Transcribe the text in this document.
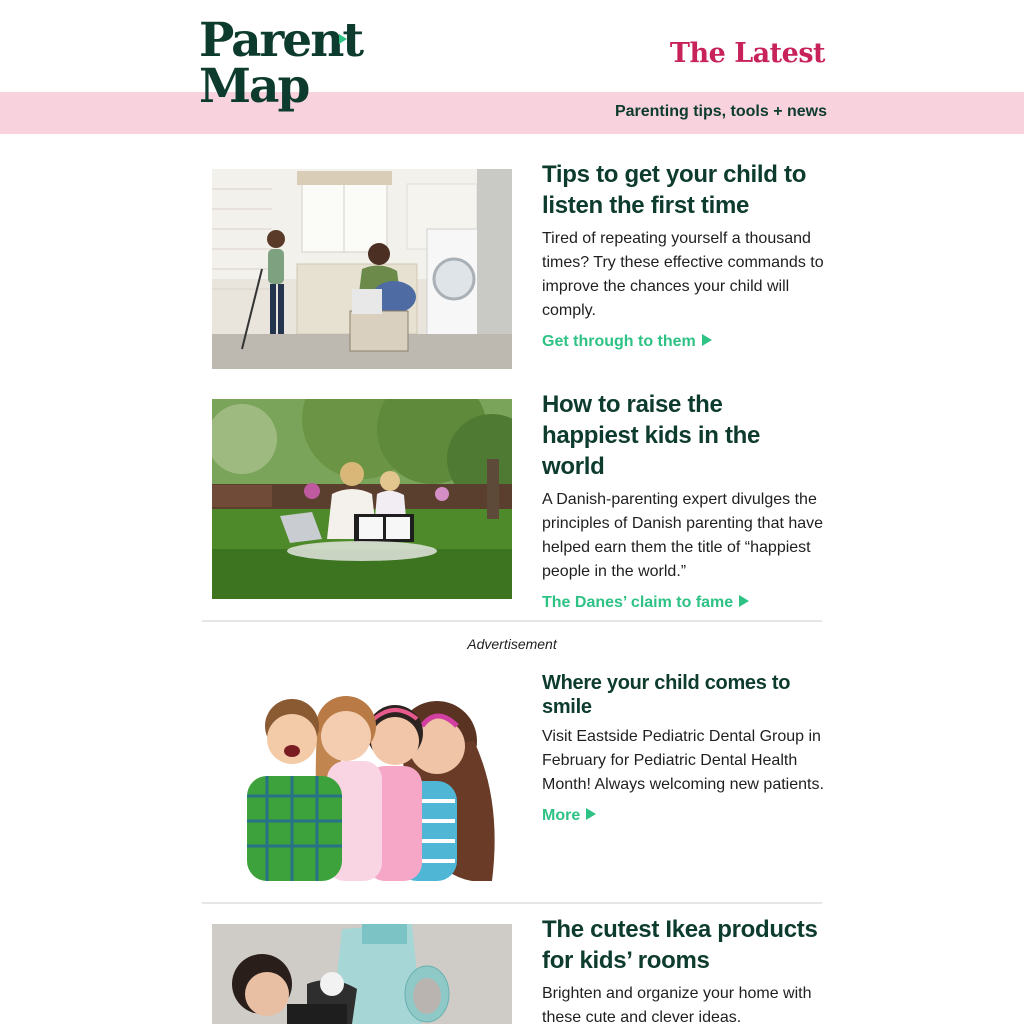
Parent
Map
The Latest
Parenting tips, tools + news
Tips to get your child to listen the first time
Tired of repeating yourself a thousand times? Try these effective commands to improve the chances your child will comply.
Get through to them
How to raise the happiest kids in the world
A Danish-parenting expert divulges the principles of Danish parenting that have helped earn them the title of “happiest people in the world.”
The Danes’ claim to fame
Advertisement
Where your child comes to smile
Visit Eastside Pediatric Dental Group in February for Pediatric Dental Health Month! Always welcoming new patients.
More
The cutest Ikea products for kids’ rooms
Brighten and organize your home with these cute and clever ideas.
